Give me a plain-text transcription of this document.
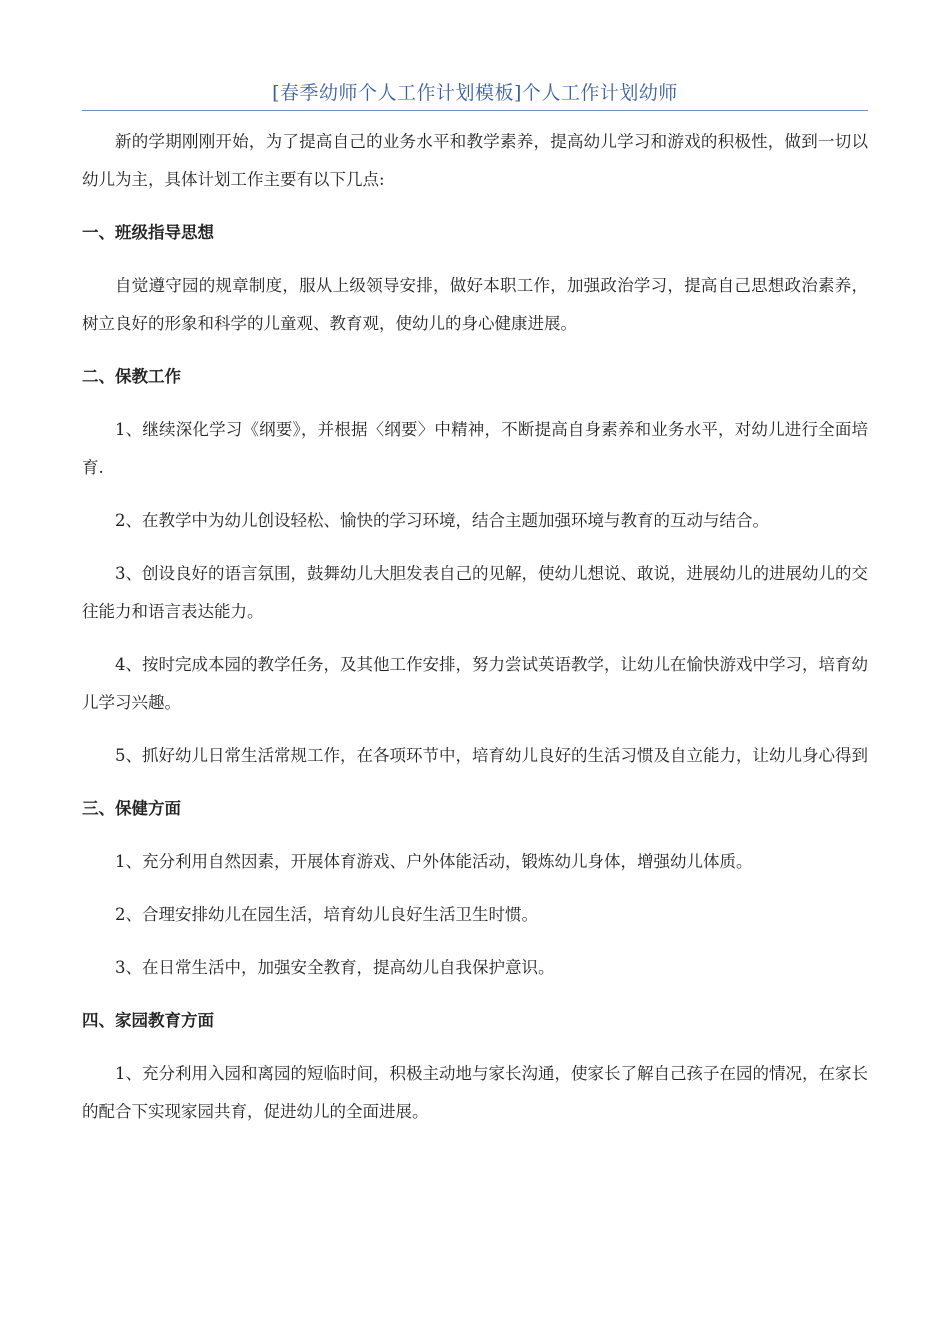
[春季幼师个人工作计划模板]个人工作计划幼师

新的学期刚刚开始，为了提高自己的业务水平和教学素养，提高幼儿学习和游戏的积极性，做到一切以幼儿为主，具体计划工作主要有以下几点:

一、班级指导思想

自觉遵守园的规章制度，服从上级领导安排，做好本职工作，加强政治学习，提高自己思想政治素养，树立良好的形象和科学的儿童观、教育观，使幼儿的身心健康进展。

二、保教工作

1、继续深化学习《纲要》，并根据〈纲要〉中精神，不断提高自身素养和业务水平，对幼儿进行全面培育.

2、在教学中为幼儿创设轻松、愉快的学习环境，结合主题加强环境与教育的互动与结合。

3、创设良好的语言氛围，鼓舞幼儿大胆发表自己的见解，使幼儿想说、敢说，进展幼儿的进展幼儿的交往能力和语言表达能力。

4、按时完成本园的教学任务，及其他工作安排，努力尝试英语教学，让幼儿在愉快游戏中学习，培育幼儿学习兴趣。

5、抓好幼儿日常生活常规工作，在各项环节中，培育幼儿良好的生活习惯及自立能力，让幼儿身心得到

三、保健方面

1、充分利用自然因素，开展体育游戏、户外体能活动，锻炼幼儿身体，增强幼儿体质。

2、合理安排幼儿在园生活，培育幼儿良好生活卫生时惯。

3、在日常生活中，加强安全教育，提高幼儿自我保护意识。

四、家园教育方面

1、充分利用入园和离园的短临时间，积极主动地与家长沟通，使家长了解自己孩子在园的情况，在家长的配合下实现家园共育，促进幼儿的全面进展。
